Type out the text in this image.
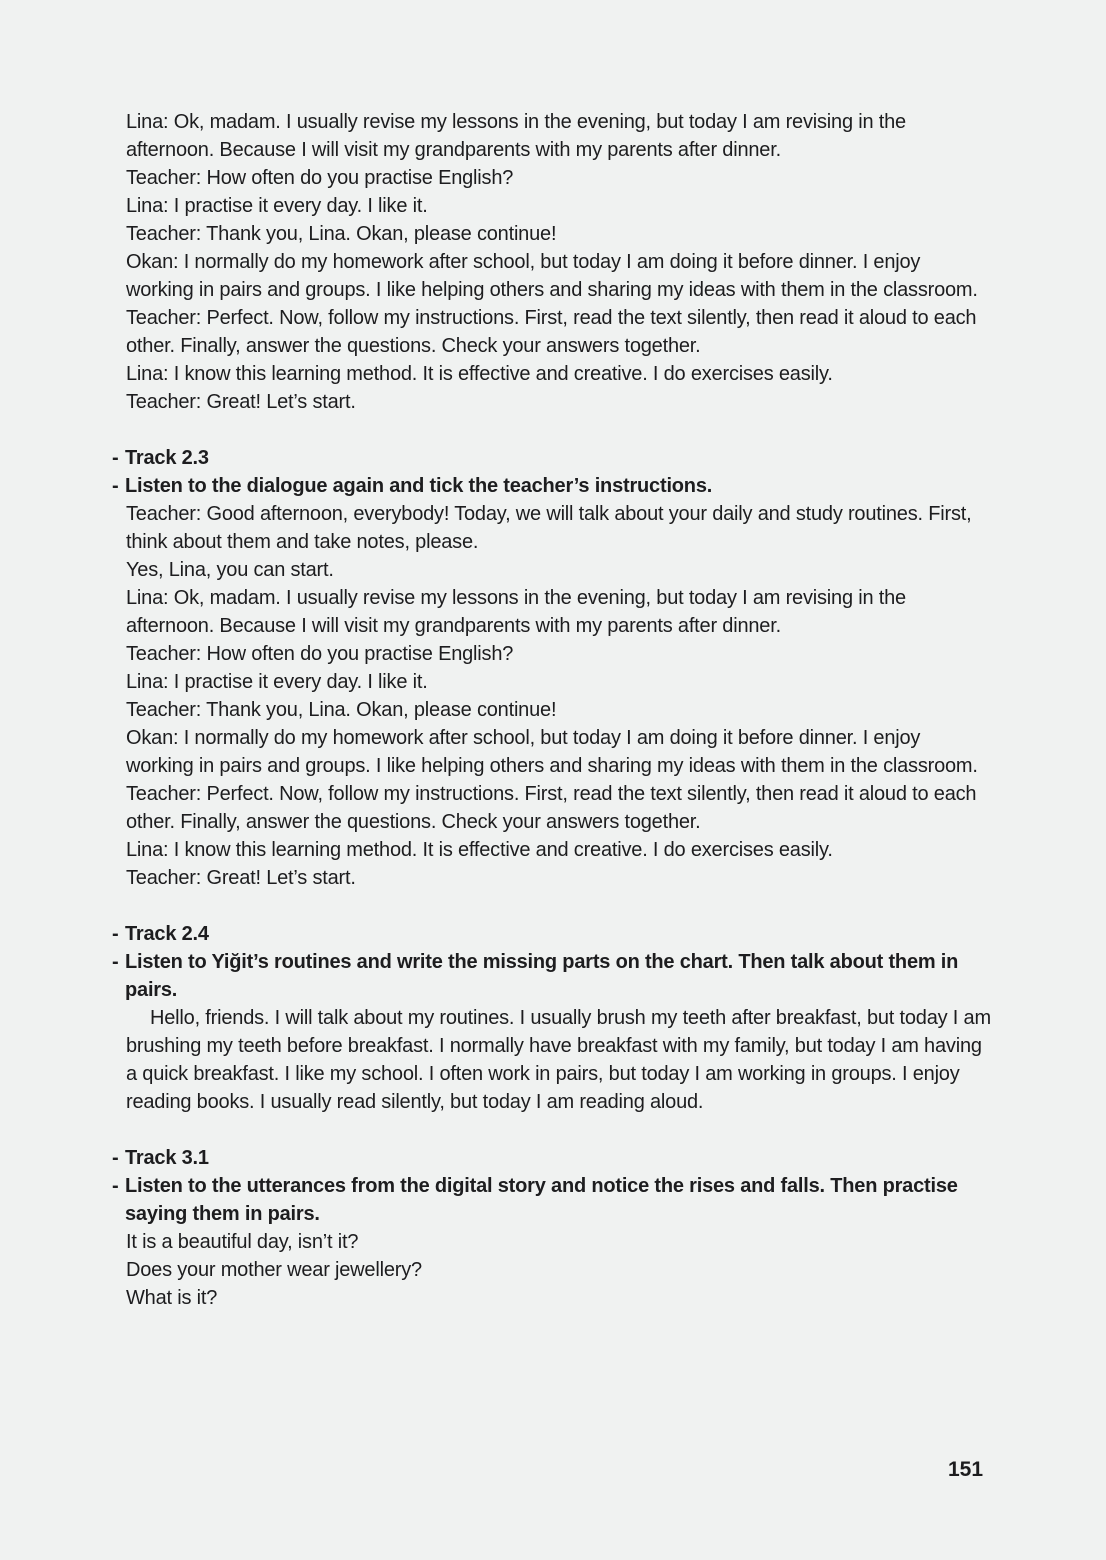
Lina: Ok, madam. I usually revise my lessons in the evening, but today I am revising in the afternoon. Because I will visit my grandparents with my parents after dinner.
Teacher: How often do you practise English?
Lina: I practise it every day. I like it.
Teacher: Thank you, Lina. Okan, please continue!
Okan: I normally do my homework after school, but today I am doing it before dinner. I enjoy working in pairs and groups. I like helping others and sharing my ideas with them in the classroom.
Teacher: Perfect. Now, follow my instructions. First, read the text silently, then read it aloud to each other. Finally, answer the questions. Check your answers together.
Lina: I know this learning method. It is effective and creative. I do exercises easily.
Teacher: Great! Let’s start.
- Track 2.3
- Listen to the dialogue again and tick the teacher’s instructions.
Teacher: Good afternoon, everybody! Today, we will talk about your daily and study routines. First, think about them and take notes, please.
Yes, Lina, you can start.
Lina: Ok, madam. I usually revise my lessons in the evening, but today I am revising in the afternoon. Because I will visit my grandparents with my parents after dinner.
Teacher: How often do you practise English?
Lina: I practise it every day. I like it.
Teacher: Thank you, Lina. Okan, please continue!
Okan: I normally do my homework after school, but today I am doing it before dinner. I enjoy working in pairs and groups. I like helping others and sharing my ideas with them in the classroom.
Teacher: Perfect. Now, follow my instructions. First, read the text silently, then read it aloud to each other. Finally, answer the questions. Check your answers together.
Lina: I know this learning method. It is effective and creative. I do exercises easily.
Teacher: Great! Let’s start.
- Track 2.4
- Listen to Yiğit’s routines and write the missing parts on the chart. Then talk about them in pairs.
Hello, friends. I will talk about my routines. I usually brush my teeth after breakfast, but today I am brushing my teeth before breakfast. I normally have breakfast with my family, but today I am having a quick breakfast. I like my school. I often work in pairs, but today I am working in groups. I enjoy reading books. I usually read silently, but today I am reading aloud.
- Track 3.1
- Listen to the utterances from the digital story and notice the rises and falls. Then practise saying them in pairs.
It is a beautiful day, isn’t it?
Does your mother wear jewellery?
What is it?
151
